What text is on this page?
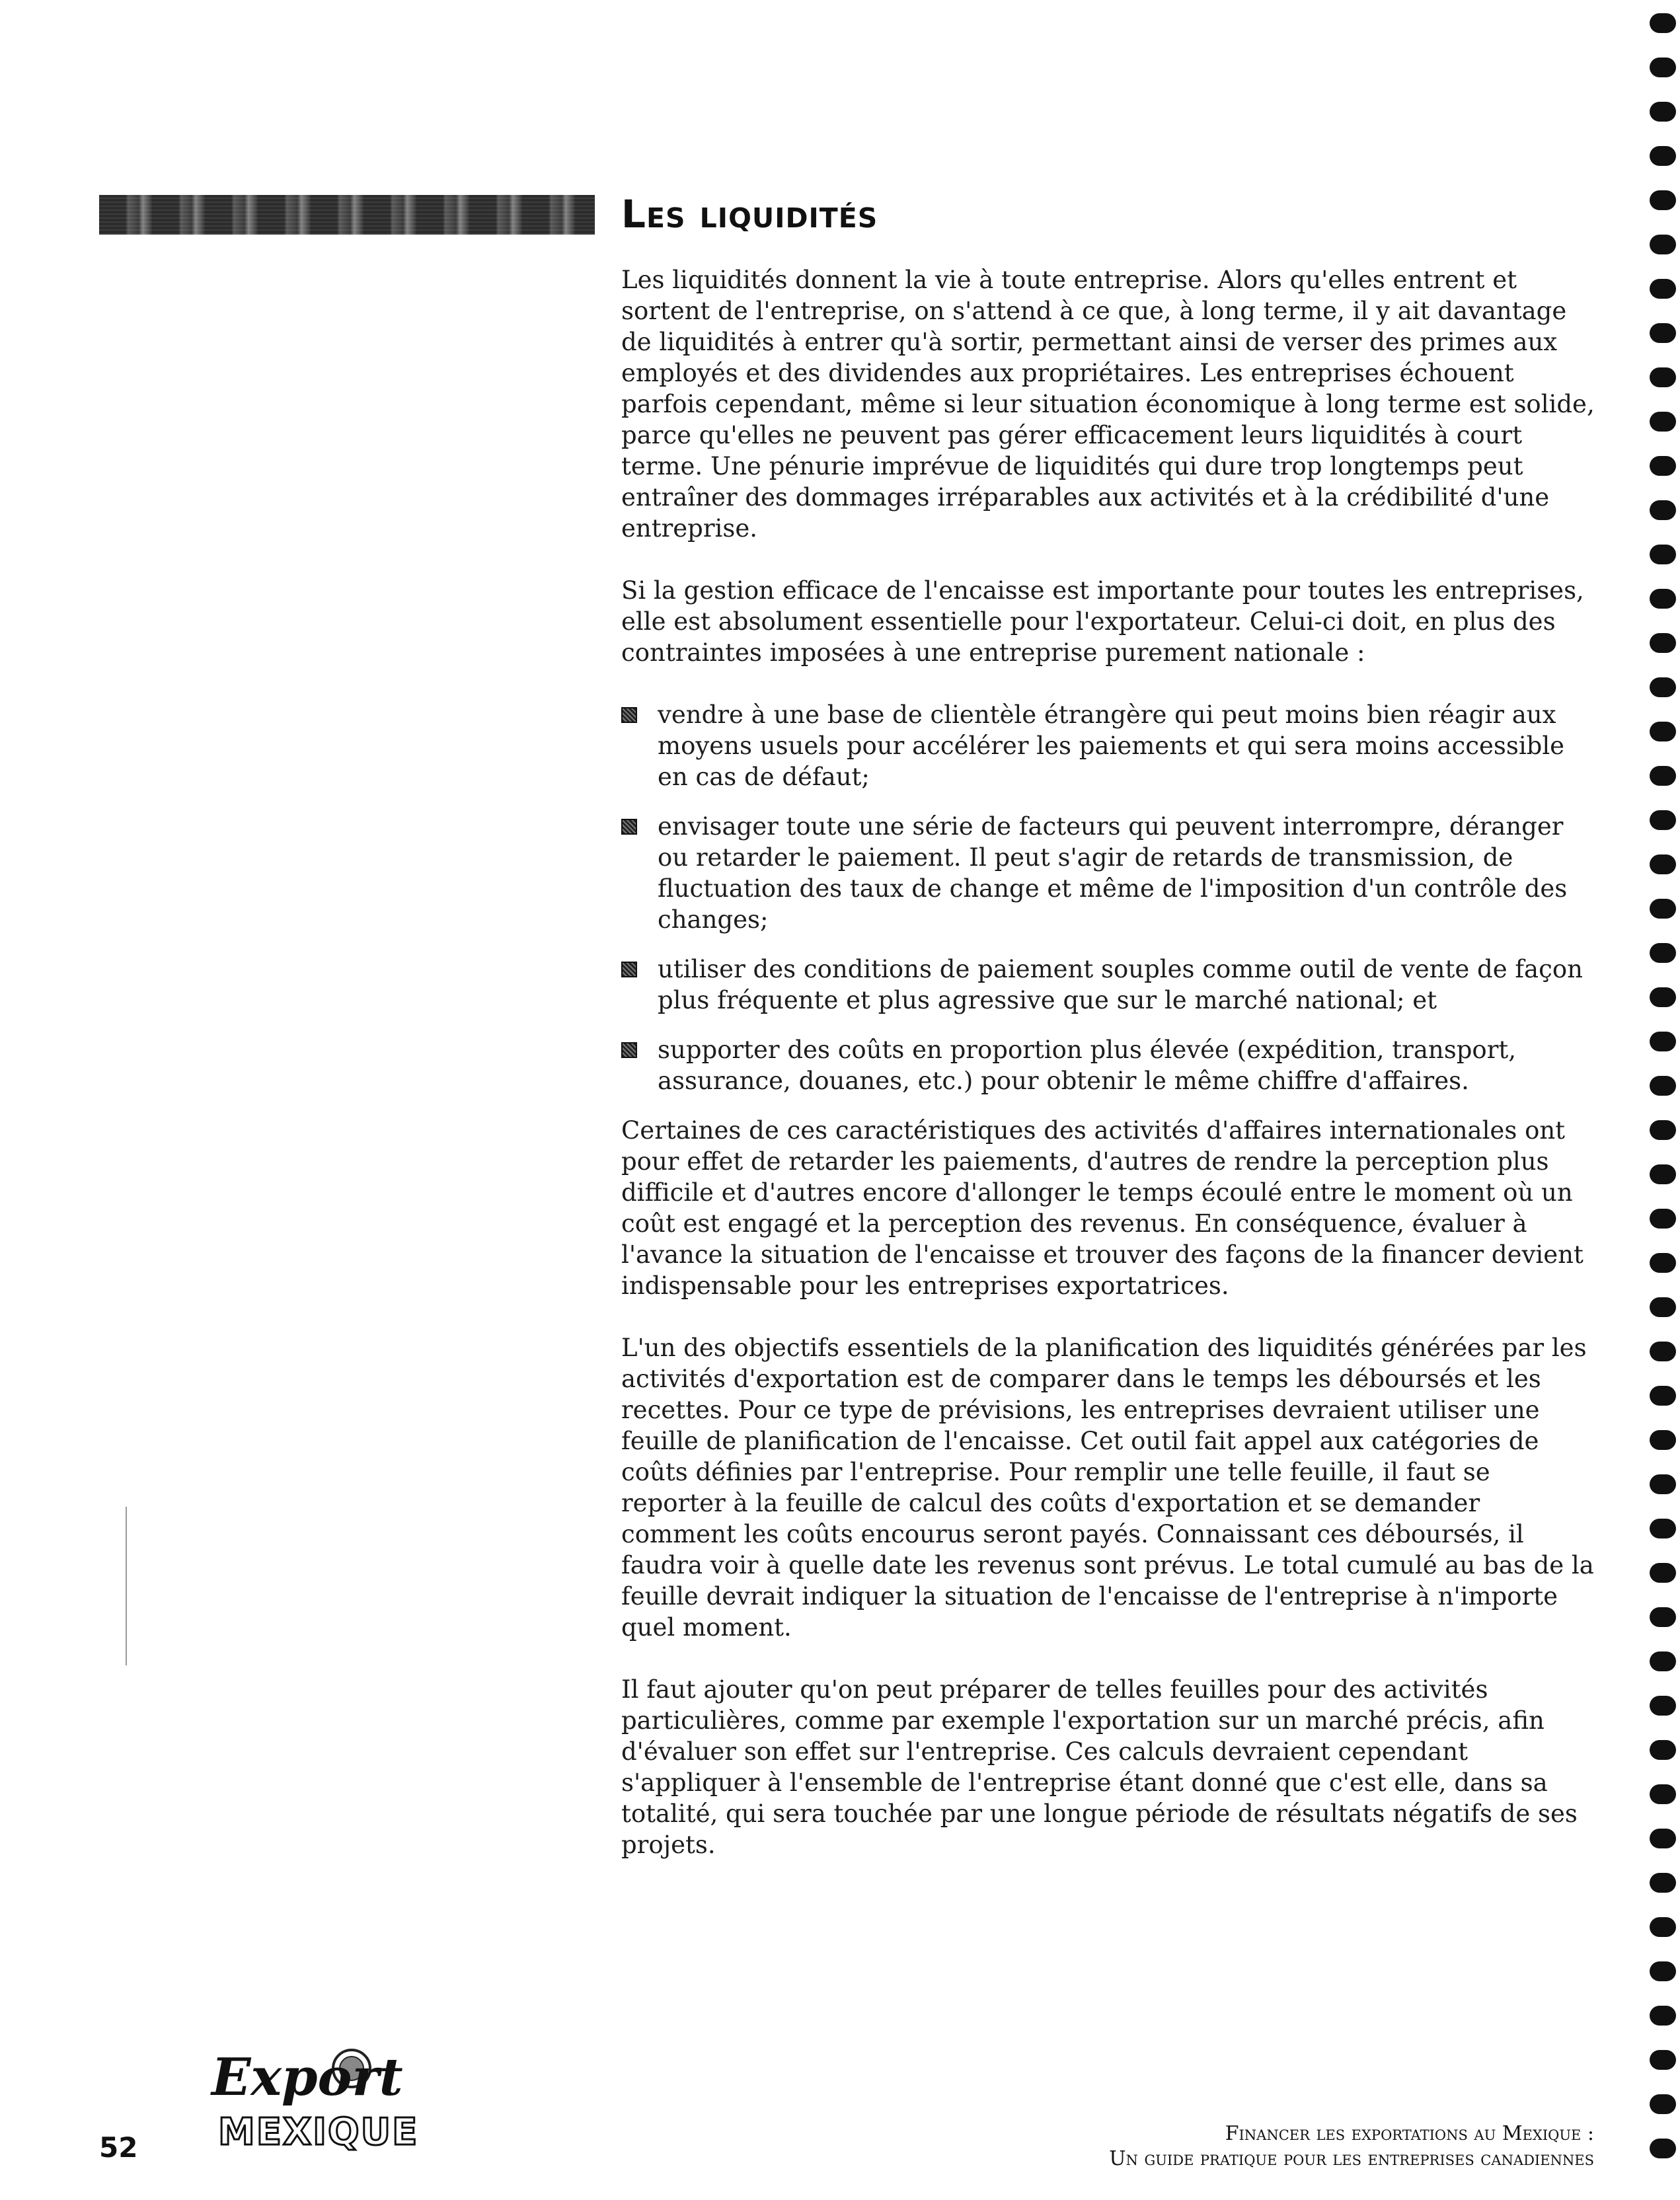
Les liquidités

Les liquidités donnent la vie à toute entreprise. Alors qu'elles entrent et sortent de l'entreprise, on s'attend à ce que, à long terme, il y ait davantage de liquidités à entrer qu'à sortir, permettant ainsi de verser des primes aux employés et des dividendes aux propriétaires. Les entreprises échouent parfois cependant, même si leur situation économique à long terme est solide, parce qu'elles ne peuvent pas gérer efficacement leurs liquidités à court terme. Une pénurie imprévue de liquidités qui dure trop longtemps peut entraîner des dommages irréparables aux activités et à la crédibilité d'une entreprise.

Si la gestion efficace de l'encaisse est importante pour toutes les entreprises, elle est absolument essentielle pour l'exportateur. Celui-ci doit, en plus des contraintes imposées à une entreprise purement nationale :

vendre à une base de clientèle étrangère qui peut moins bien réagir aux moyens usuels pour accélérer les paiements et qui sera moins accessible en cas de défaut;
envisager toute une série de facteurs qui peuvent interrompre, déranger ou retarder le paiement. Il peut s'agir de retards de transmission, de fluctuation des taux de change et même de l'imposition d'un contrôle des changes;
utiliser des conditions de paiement souples comme outil de vente de façon plus fréquente et plus agressive que sur le marché national; et
supporter des coûts en proportion plus élevée (expédition, transport, assurance, douanes, etc.) pour obtenir le même chiffre d'affaires.

Certaines de ces caractéristiques des activités d'affaires internationales ont pour effet de retarder les paiements, d'autres de rendre la perception plus difficile et d'autres encore d'allonger le temps écoulé entre le moment où un coût est engagé et la perception des revenus. En conséquence, évaluer à l'avance la situation de l'encaisse et trouver des façons de la financer devient indispensable pour les entreprises exportatrices.

L'un des objectifs essentiels de la planification des liquidités générées par les activités d'exportation est de comparer dans le temps les déboursés et les recettes. Pour ce type de prévisions, les entreprises devraient utiliser une feuille de planification de l'encaisse. Cet outil fait appel aux catégories de coûts définies par l'entreprise. Pour remplir une telle feuille, il faut se reporter à la feuille de calcul des coûts d'exportation et se demander comment les coûts encourus seront payés. Connaissant ces déboursés, il faudra voir à quelle date les revenus sont prévus. Le total cumulé au bas de la feuille devrait indiquer la situation de l'encaisse de l'entreprise à n'importe quel moment.

Il faut ajouter qu'on peut préparer de telles feuilles pour des activités particulières, comme par exemple l'exportation sur un marché précis, afin d'évaluer son effet sur l'entreprise. Ces calculs devraient cependant s'appliquer à l'ensemble de l'entreprise étant donné que c'est elle, dans sa totalité, qui sera touchée par une longue période de résultats négatifs de ses projets.

52
Export
MEXIQUE	Financer les exportations au Mexique :
Un guide pratique pour les entreprises canadiennes
